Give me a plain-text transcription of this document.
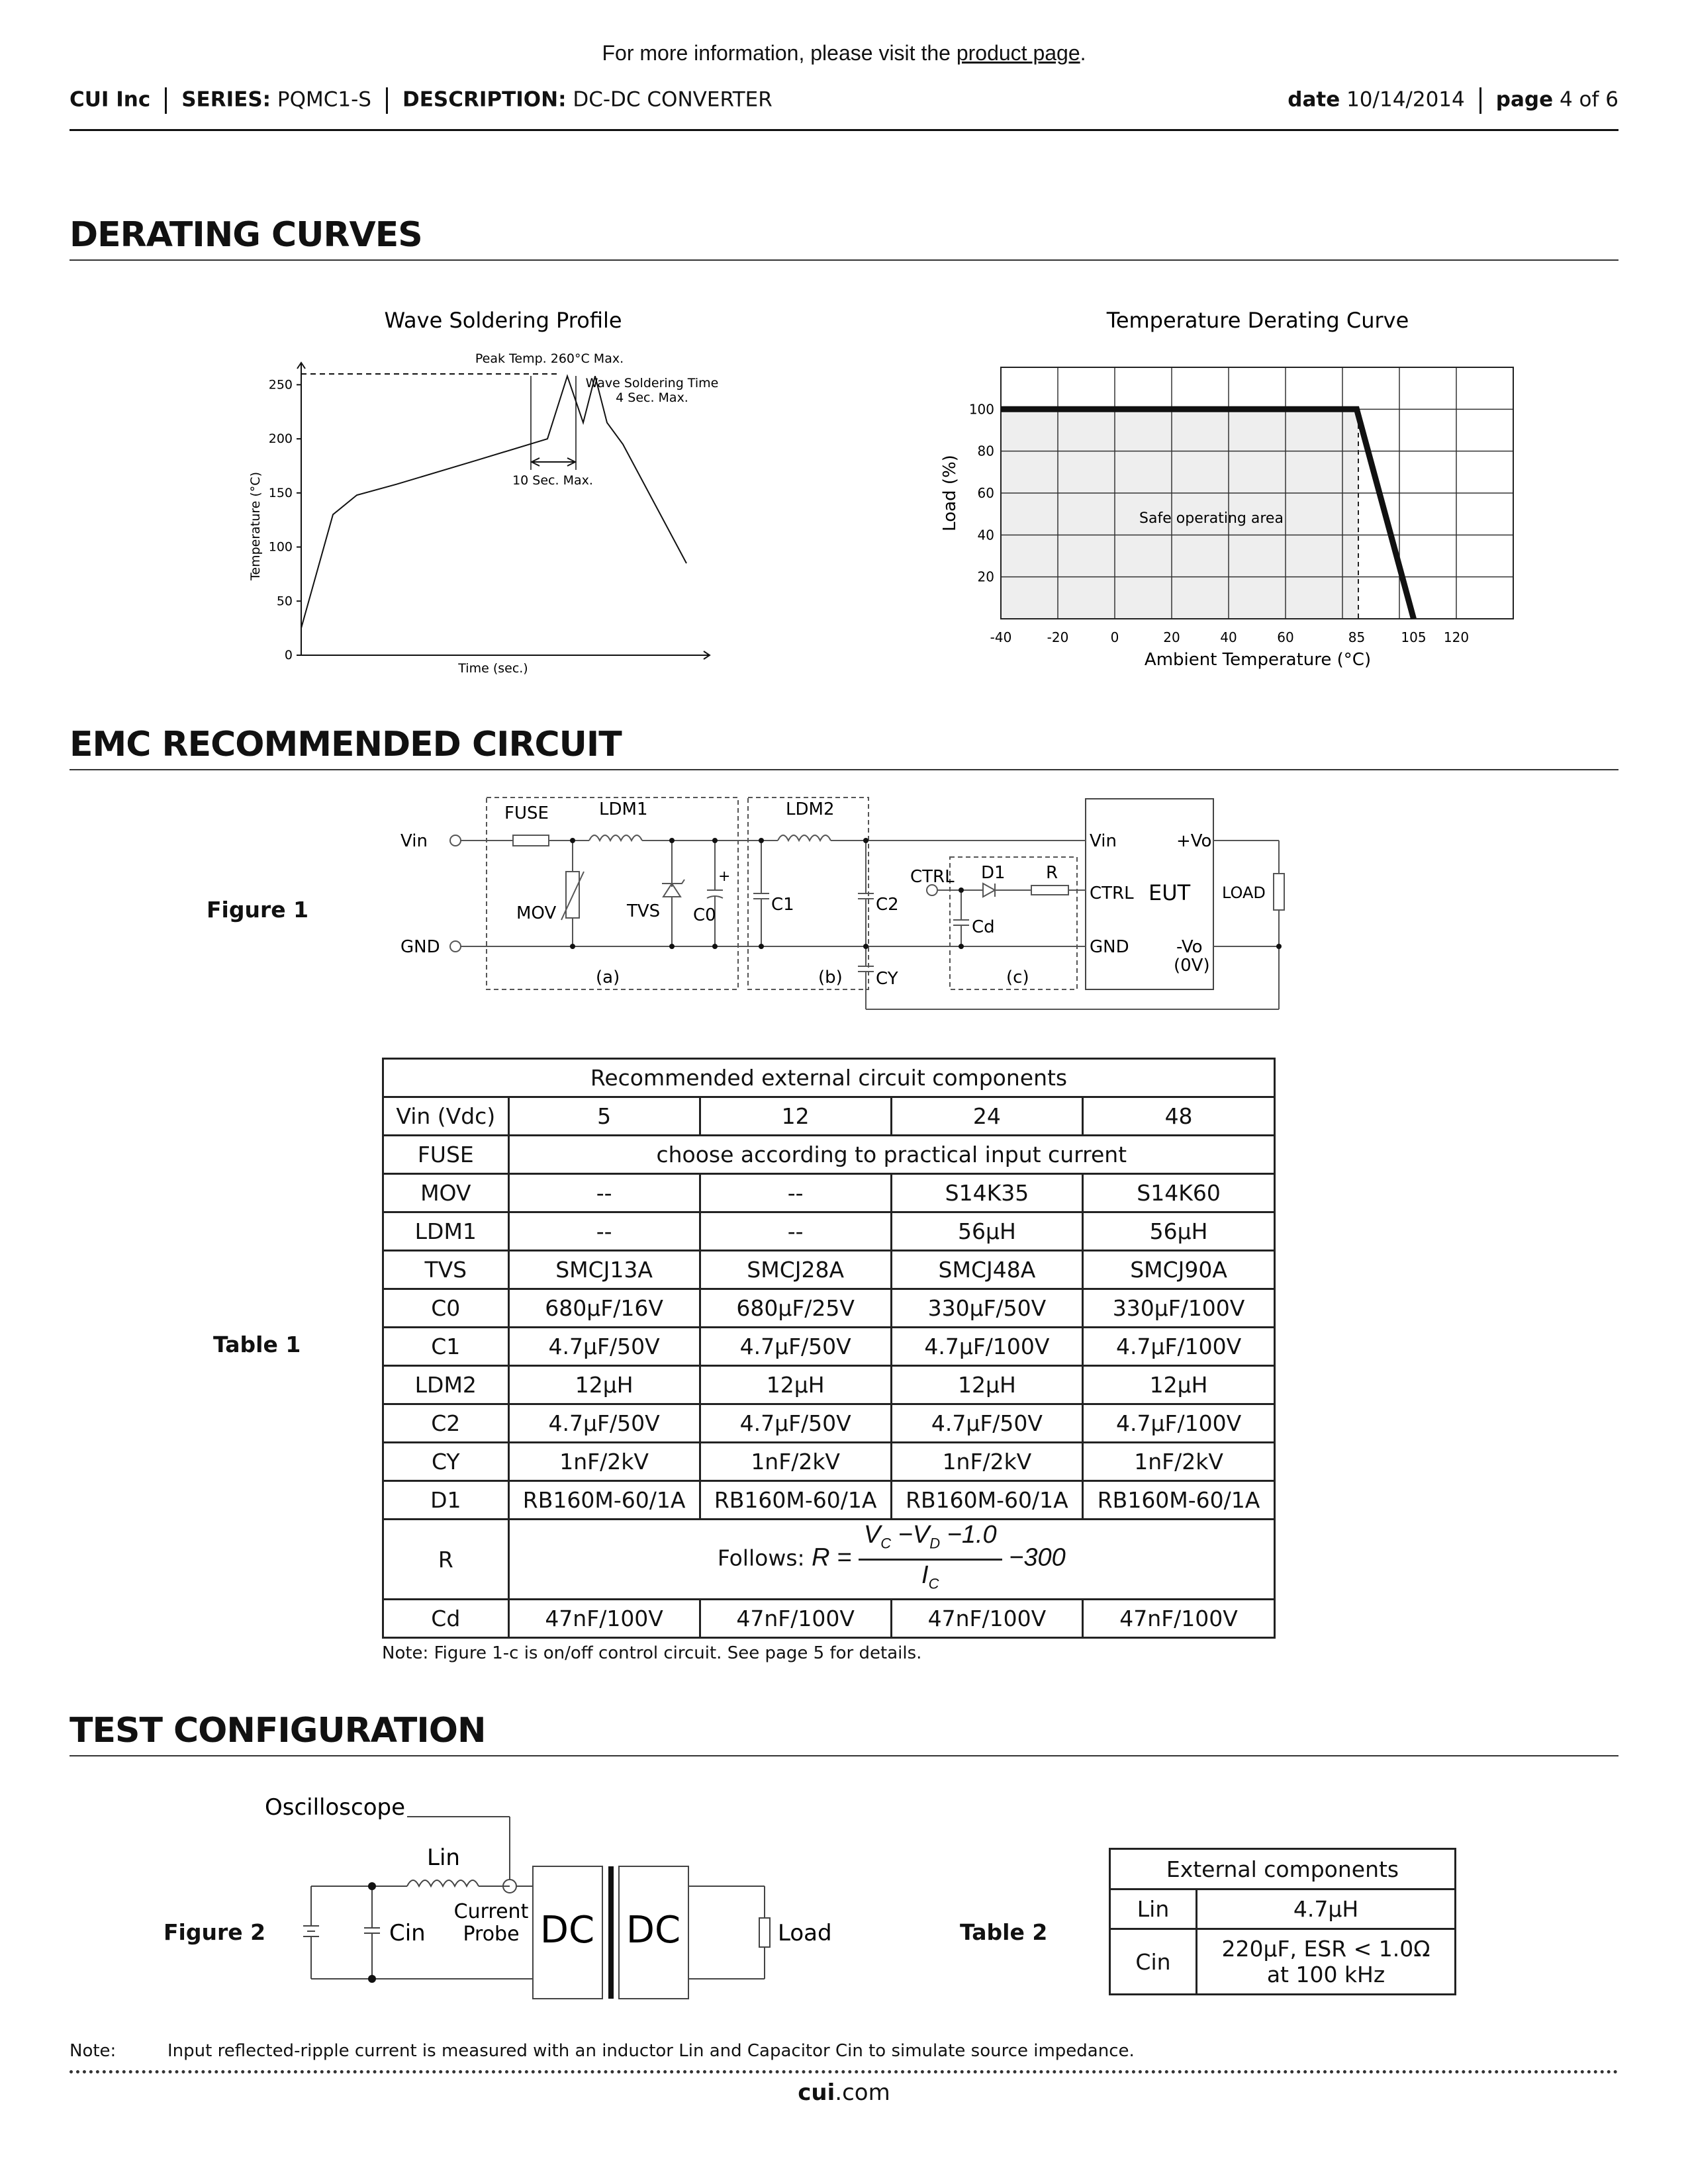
For more information, please visit the product page.
CUI Inc SERIES: PQMC1-S DESCRIPTION: DC-DC CONVERTER	date 10/14/2014 page 4 of 6
DERATING CURVES
Wave Soldering Profile
0
50
100
150
200
250
Peak Temp. 260°C Max.
Wave Soldering Time
4 Sec. Max.
10 Sec. Max.
Time (sec.)
Temperature (°C)
Temperature Derating Curve
Safe operating area
-40	-20	0	20	40	60	85	105 120
20
40
60
80
100
Ambient Temperature (°C)
Load (%)
EMC RECOMMENDED CIRCUIT
Figure 1
Vin
GND
FUSE	LDM1	LDM2
MOV	TVS C0
+
C1	C2
CY
CTRL D1 R
Cd
(a)	(b)	(c)
Vin
CTRL EUT
GND
+Vo
-Vo
(0V)
LOAD
Table 1
Recommended external circuit components				
Vin (Vdc)	5	12	24	48
FUSE	choose according to practical input current			
MOV	--	--	S14K35	S14K60
LDM1	--	--	56µH	56µH
TVS	SMCJ13A	SMCJ28A	SMCJ48A	SMCJ90A
C0	680µF/16V	680µF/25V	330µF/50V	330µF/100V
C1	4.7µF/50V	4.7µF/50V	4.7µF/100V	4.7µF/100V
LDM2	12µH	12µH	12µH	12µH
C2	4.7µF/50V	4.7µF/50V	4.7µF/50V	4.7µF/100V
CY	1nF/2kV	1nF/2kV	1nF/2kV	1nF/2kV
D1	RB160M-60/1A	RB160M-60/1A	RB160M-60/1A	RB160M-60/1A
R	Follows: $R = \frac{V_C -V_D -1.0}{I_C} -300$			
Cd	47nF/100V	47nF/100V	47nF/100V	47nF/100V
Note: Figure 1-c is on/off control circuit. See page 5 for details.
TEST CONFIGURATION
Figure 2
Oscilloscope
Lin
Cin
Current
Probe DC DC	Load	Table 2
External components	
Lin	4.7µH
Cin	220µF, ESR < 1.0Ω
at 100 kHz
Note:	Input reflected-ripple current is measured with an inductor Lin and Capacitor Cin to simulate source impedance.
cui.com
